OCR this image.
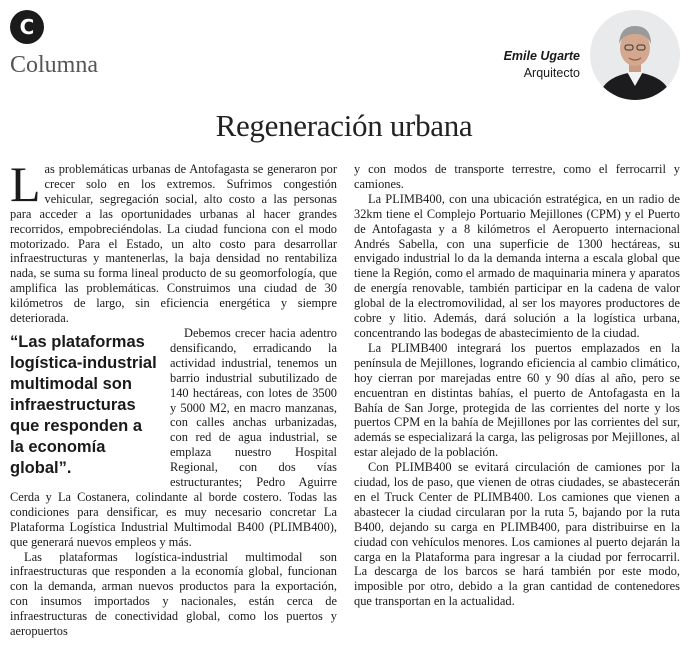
C
Columna	Emile Ugarte
Arquitecto
Regeneración urbana
L as problemáticas urbanas de Antofagasta se generaron por crecer solo en los extremos. Sufrimos congestión vehicular, segregación social, alto costo a las personas para acceder a las oportunidades urbanas al hacer grandes recorridos, empobreciéndolas. La ciudad funciona con el modo motorizado. Para el Estado, un alto costo para desarrollar infraestructuras y mantenerlas, la baja densidad no rentabiliza nada, se suma su forma lineal producto de su geomorfología, que amplifica las problemáticas. Construimos una ciudad de 30 kilómetros de largo, sin eficiencia energética y siempre deteriorada.

“Las plataformas logística-industrial multimodal son infraestructuras que responden a la economía global”.

Debemos crecer hacia adentro densificando, erradicando la actividad industrial, tenemos un barrio industrial subutilizado de 140 hectáreas, con lotes de 3500 y 5000 M2, en macro manzanas, con calles anchas urbanizadas, con red de agua industrial, se emplaza nuestro Hospital Regional, con dos vías estructurantes; Pedro Aguirre Cerda y La Costanera, colindante al borde costero. Todas las condiciones para densificar, es muy necesario concretar La Plataforma Logística Industrial Multimodal B400 (PLIMB400), que generará nuevos empleos y más.

Las plataformas logística-industrial multimodal son infraestructuras que responden a la economía global, funcionan con la demanda, arman nuevos productos para la exportación, con insumos importados y nacionales, están cerca de infraestructuras de conectividad global, como los puertos y aeropuertos

y con modos de transporte terrestre, como el ferrocarril y camiones.

La PLIMB400, con una ubicación estratégica, en un radio de 32km tiene el Complejo Portuario Mejillones (CPM) y el Puerto de Antofagasta y a 8 kilómetros el Aeropuerto internacional Andrés Sabella, con una superficie de 1300 hectáreas, su envigado industrial lo da la demanda interna a escala global que tiene la Región, como el armado de maquinaria minera y aparatos de energía renovable, también participar en la cadena de valor global de la electromovilidad, al ser los mayores productores de cobre y litio. Además, dará solución a la logística urbana, concentrando las bodegas de abastecimiento de la ciudad.

La PLIMB400 integrará los puertos emplazados en la península de Mejillones, logrando eficiencia al cambio climático, hoy cierran por marejadas entre 60 y 90 días al año, pero se encuentran en distintas bahías, el puerto de Antofagasta en la Bahía de San Jorge, protegida de las corrientes del norte y los puertos CPM en la bahía de Mejillones por las corrientes del sur, además se especializará la carga, las peligrosas por Mejillones, al estar alejado de la población.

Con PLIMB400 se evitará circulación de camiones por la ciudad, los de paso, que vienen de otras ciudades, se abastecerán en el Truck Center de PLIMB400. Los camiones que vienen a abastecer la ciudad circularan por la ruta 5, bajando por la ruta B400, dejando su carga en PLIMB400, para distribuirse en la ciudad con vehículos menores. Los camiones al puerto dejarán la carga en la Plataforma para ingresar a la ciudad por ferrocarril. La descarga de los barcos se hará también por este modo, imposible por otro, debido a la gran cantidad de contenedores que transportan en la actualidad.
